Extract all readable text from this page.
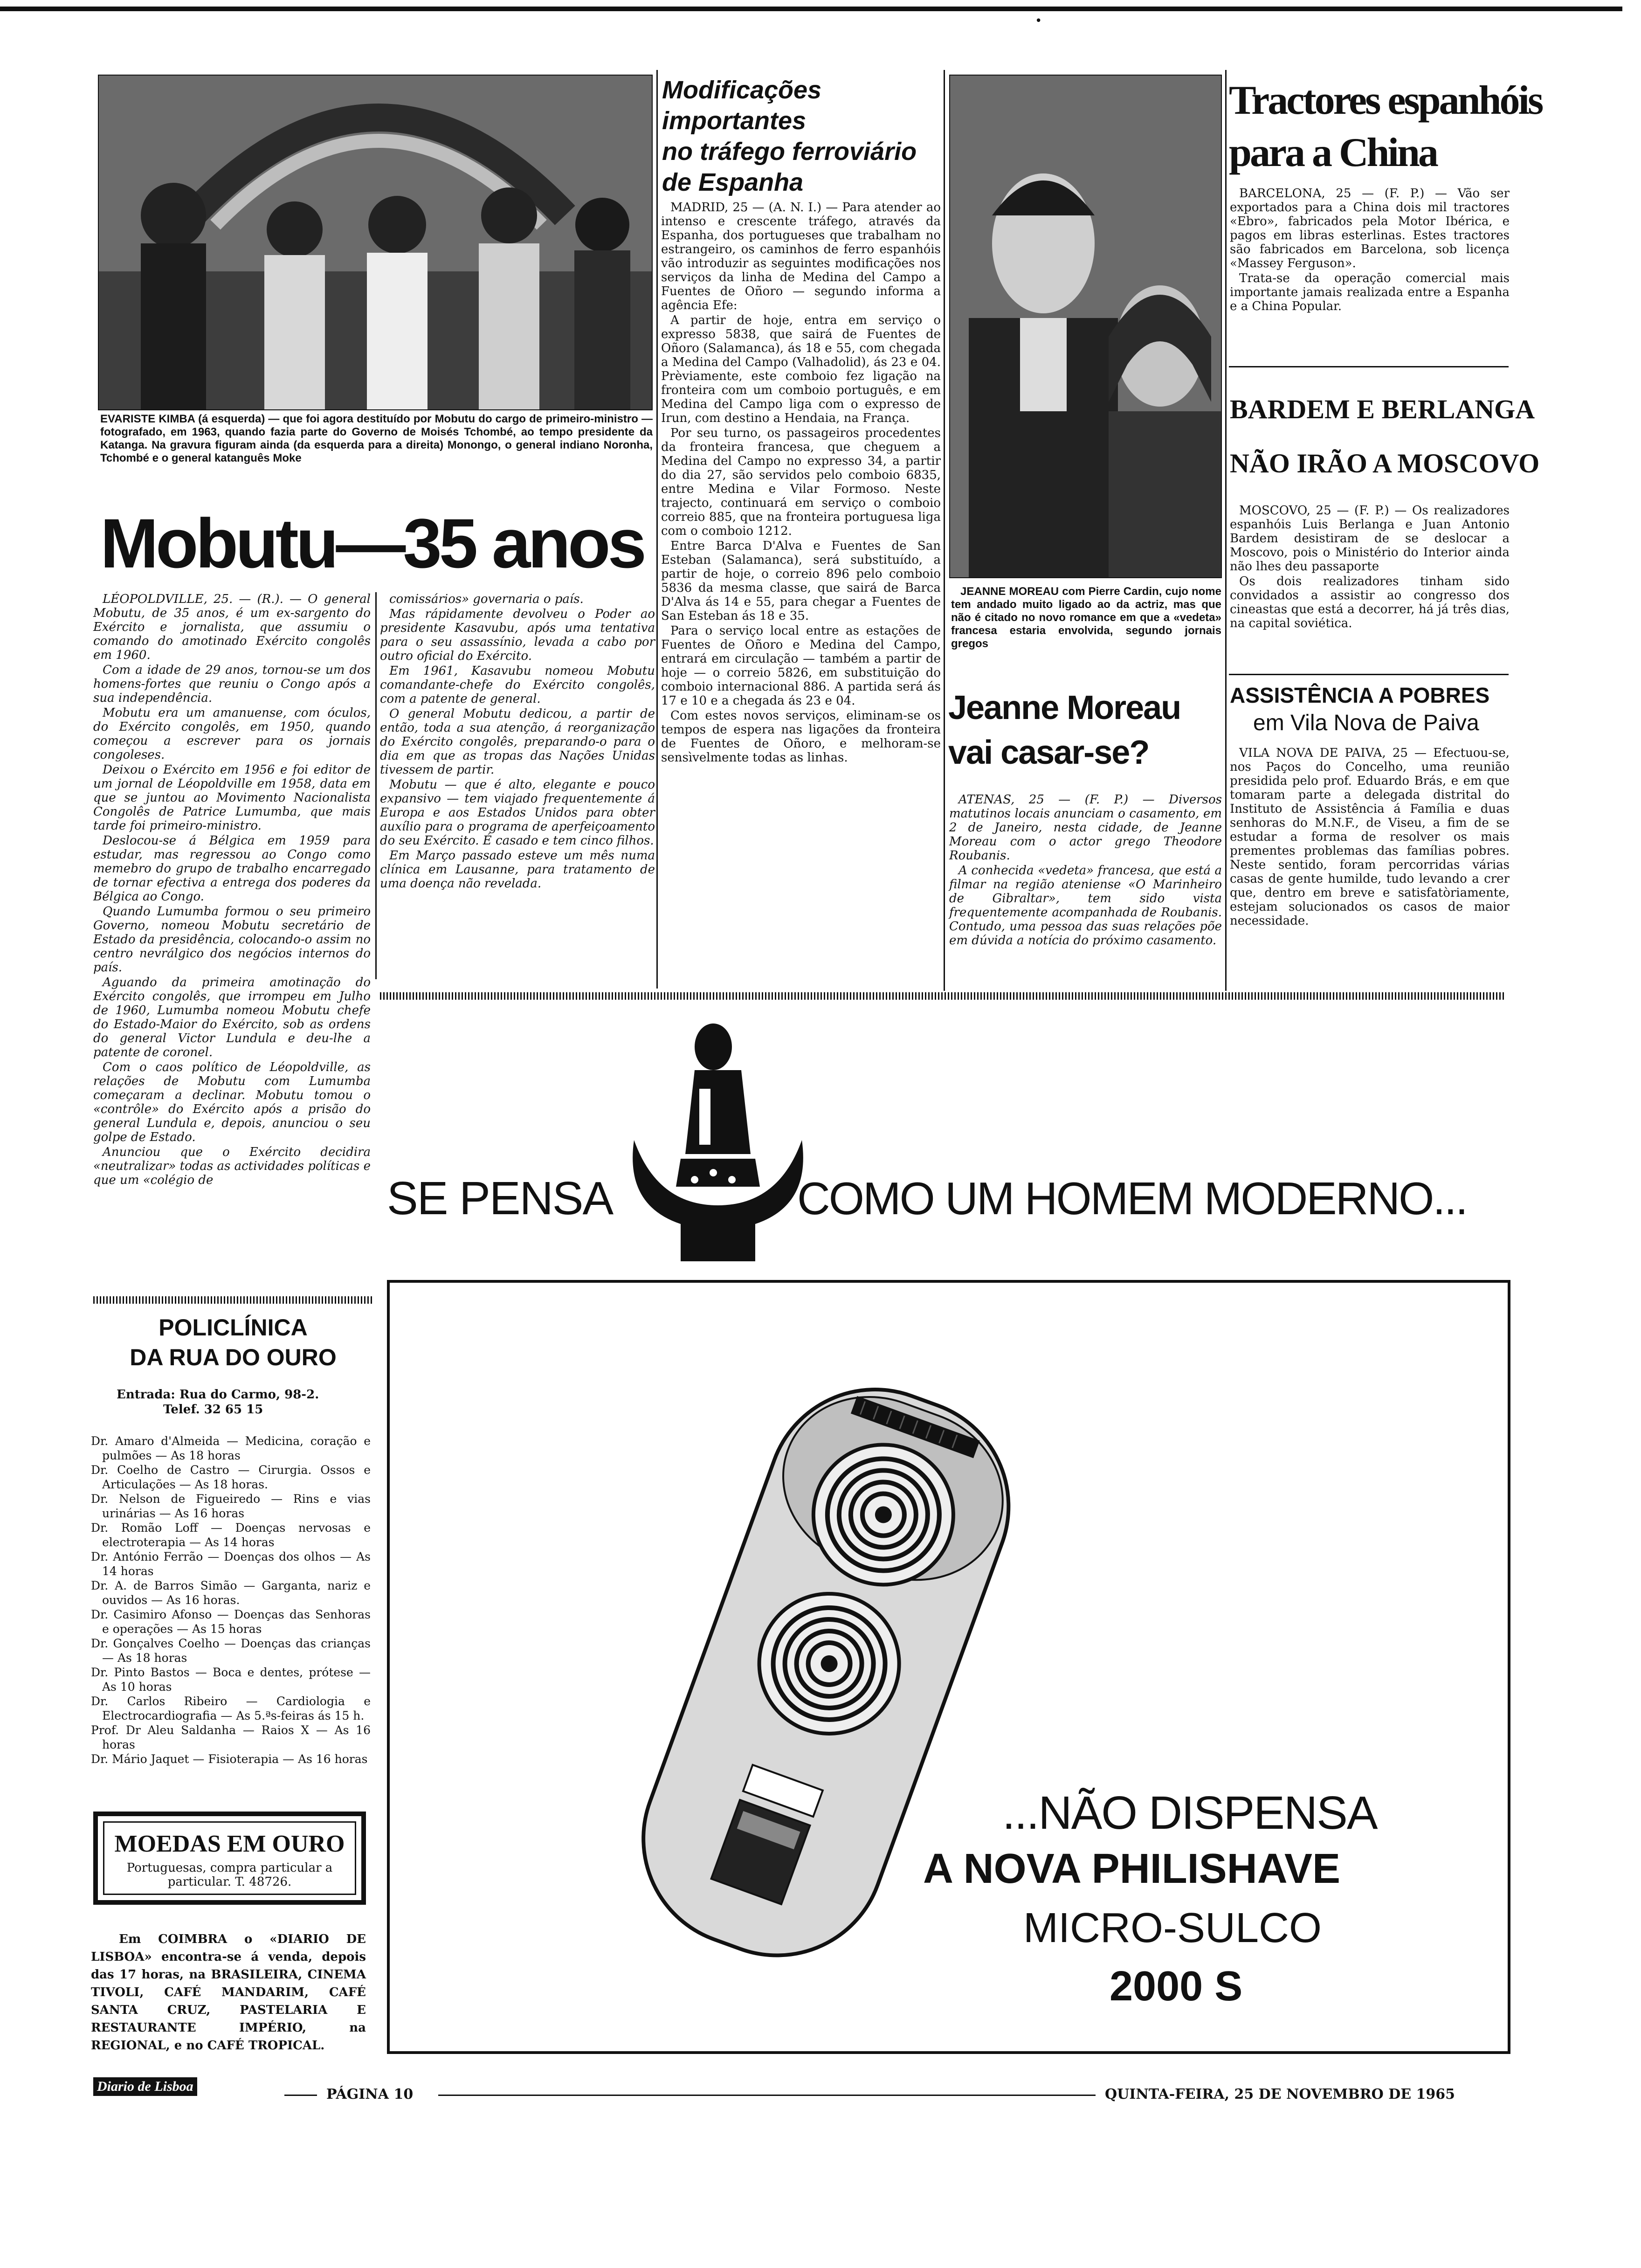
•
EVARISTE KIMBA (á esquerda) — que foi agora destituído por Mobutu do cargo de primeiro-ministro — fotografado, em 1963, quando fazia parte do Governo de Moisés Tchombé, ao tempo presidente da Katanga. Na gravura figuram ainda (da esquerda para a direita) Monongo, o general indiano Noronha, Tchombé e o general katanguês Moke
Mobutu—35 anos

LÉOPOLDVILLE, 25. — (R.). — O general Mobutu, de 35 anos, é um ex-sargento do Exército e jornalista, que assumiu o comando do amotinado Exército congolês em 1960.

Com a idade de 29 anos, tornou-se um dos homens-fortes que reuniu o Congo após a sua independência.

Mobutu era um amanuense, com óculos, do Exército congolês, em 1950, quando começou a escrever para os jornais congoleses.

Deixou o Exército em 1956 e foi editor de um jornal de Léopoldville em 1958, data em que se juntou ao Movimento Nacionalista Congolês de Patrice Lumumba, que mais tarde foi primeiro-ministro.

Deslocou-se á Bélgica em 1959 para estudar, mas regressou ao Congo como memebro do grupo de trabalho encarregado de tornar efectiva a entrega dos poderes da Bélgica ao Congo.

Quando Lumumba formou o seu primeiro Governo, nomeou Mobutu secretário de Estado da presidência, colocando-o assim no centro nevrálgico dos negócios internos do país.

Aguando da primeira amotinação do Exército congolês, que irrompeu em Julho de 1960, Lumumba nomeou Mobutu chefe do Estado-Maior do Exército, sob as ordens do general Victor Lundula e deu-lhe a patente de coronel.

Com o caos político de Léopoldville, as relações de Mobutu com Lumumba começaram a declinar. Mobutu tomou o «contrôle» do Exército após a prisão do general Lundula e, depois, anunciou o seu golpe de Estado.

Anunciou que o Exército decidira «neutralizar» todas as actividades políticas e que um «colégio de

comissários» governaria o país.

Mas rápidamente devolveu o Poder ao presidente Kasavubu, após uma tentativa para o seu assassínio, levada a cabo por outro oficial do Exército.

Em 1961, Kasavubu nomeou Mobutu comandante-chefe do Exército congolês, com a patente de general.

O general Mobutu dedicou, a partir de então, toda a sua atenção, á reorganização do Exército congolês, preparando-o para o dia em que as tropas das Nações Unidas tivessem de partir.

Mobutu — que é alto, elegante e pouco expansivo — tem viajado frequentemente á Europa e aos Estados Unidos para obter auxílio para o programa de aperfeiçoamento do seu Exército. É casado e tem cinco filhos.

Em Março passado esteve um mês numa clínica em Lausanne, para tratamento de uma doença não revelada.

Modificações
importantes
no tráfego ferroviário
de Espanha

MADRID, 25 — (A. N. I.) — Para atender ao intenso e crescente tráfego, através da Espanha, dos portugueses que trabalham no estrangeiro, os caminhos de ferro espanhóis vão introduzir as seguintes modificações nos serviços da linha de Medina del Campo a Fuentes de Oñoro — segundo informa a agência Efe:

A partir de hoje, entra em serviço o expresso 5838, que sairá de Fuentes de Oñoro (Salamanca), ás 18 e 55, com chegada a Medina del Campo (Valhadolid), ás 23 e 04. Prèviamente, este comboio fez ligação na fronteira com um comboio português, e em Medina del Campo liga com o expresso de Irun, com destino a Hendaia, na França.

Por seu turno, os passageiros procedentes da fronteira francesa, que cheguem a Medina del Campo no expresso 34, a partir do dia 27, são servidos pelo comboio 6835, entre Medina e Vilar Formoso. Neste trajecto, continuará em serviço o comboio correio 885, que na fronteira portuguesa liga com o comboio 1212.

Entre Barca D'Alva e Fuentes de San Esteban (Salamanca), será substituído, a partir de hoje, o correio 896 pelo comboio 5836 da mesma classe, que sairá de Barca D'Alva ás 14 e 55, para chegar a Fuentes de San Esteban ás 18 e 35.

Para o serviço local entre as estações de Fuentes de Oñoro e Medina del Campo, entrará em circulação — também a partir de hoje — o correio 5826, em substituição do comboio internacional 886. A partida será ás 17 e 10 e a chegada ás 23 e 04.

Com estes novos serviços, eliminam-se os tempos de espera nas ligações da fronteira de Fuentes de Oñoro, e melhoram-se sensìvelmente todas as linhas.

JEANNE MOREAU com Pierre Cardin, cujo nome tem andado muito ligado ao da actriz, mas que não é citado no novo romance em que a «vedeta» francesa estaria envolvida, segundo jornais gregos
Jeanne Moreau
vai casar-se?

ATENAS, 25 — (F. P.) — Diversos matutinos locais anunciam o casamento, em 2 de Janeiro, nesta cidade, de Jeanne Moreau com o actor grego Theodore Roubanis.

A conhecida «vedeta» francesa, que está a filmar na região ateniense «O Marinheiro de Gibraltar», tem sido vista frequentemente acompanhada de Roubanis. Contudo, uma pessoa das suas relações põe em dúvida a notícia do próximo casamento.

Tractores espanhóis
para a China

BARCELONA, 25 — (F. P.) — Vão ser exportados para a China dois mil tractores «Ebro», fabricados pela Motor Ibérica, e pagos em libras esterlinas. Estes tractores são fabricados em Barcelona, sob licença «Massey Ferguson».

Trata-se da operação comercial mais importante jamais realizada entre a Espanha e a China Popular.

BARDEM E BERLANGA
NÃO IRÃO A MOSCOVO

MOSCOVO, 25 — (F. P.) — Os realizadores espanhóis Luis Berlanga e Juan Antonio Bardem desistiram de se deslocar a Moscovo, pois o Ministério do Interior ainda não lhes deu passaporte

Os dois realizadores tinham sido convidados a assistir ao congresso dos cineastas que está a decorrer, há já três dias, na capital soviética.

ASSISTÊNCIA A POBRES
em Vila Nova de Paiva

VILA NOVA DE PAIVA, 25 — Efectuou-se, nos Paços do Concelho, uma reunião presidida pelo prof. Eduardo Brás, e em que tomaram parte a delegada distrital do Instituto de Assistência á Família e duas senhoras do M.N.F., de Viseu, a fim de se estudar a forma de resolver os mais prementes problemas das famílias pobres. Neste sentido, foram percorridas várias casas de gente humilde, tudo levando a crer que, dentro em breve e satisfatòriamente, estejam solucionados os casos de maior necessidade.

SE PENSA	COMO UM HOMEM MODERNO...
...NÃO DISPENSA
A NOVA PHILISHAVE
MICRO-SULCO
2000 S
POLICLÍNICA
DA RUA DO OURO
Entrada: Rua do Carmo, 98-2.
Telef. 32 65 15
Dr. Amaro d'Almeida — Medicina, coração e pulmões — As 18 horas
Dr. Coelho de Castro — Cirurgia. Ossos e Articulações — As 18 horas.
Dr. Nelson de Figueiredo — Rins e vias urinárias — As 16 horas
Dr. Romão Loff — Doenças nervosas e electroterapia — As 14 horas
Dr. António Ferrão — Doenças dos olhos — As 14 horas
Dr. A. de Barros Simão — Garganta, nariz e ouvidos — As 16 horas.
Dr. Casimiro Afonso — Doenças das Senhoras e operações — As 15 horas
Dr. Gonçalves Coelho — Doenças das crianças — As 18 horas
Dr. Pinto Bastos — Boca e dentes, prótese — As 10 horas
Dr. Carlos Ribeiro — Cardiologia e Electrocardiografia — As 5.ªs-feiras ás 15 h.
Prof. Dr Aleu Saldanha — Raios X — As 16 horas
Dr. Mário Jaquet — Fisioterapia — As 16 horas
MOEDAS EM OURO
Portuguesas, compra particular a particular. T. 48726.
Em COIMBRA o «DIARIO DE LISBOA» encontra-se á venda, depois das 17 horas, na BRASILEIRA, CINEMA TIVOLI, CAFÉ MANDARIM, CAFÉ SANTA CRUZ, PASTELARIA E RESTAURANTE IMPÉRIO, na REGIONAL, e no CAFÉ TROPICAL.
Diario de Lisboa	PÁGINA 10	QUINTA-FEIRA, 25 DE NOVEMBRO DE 1965
